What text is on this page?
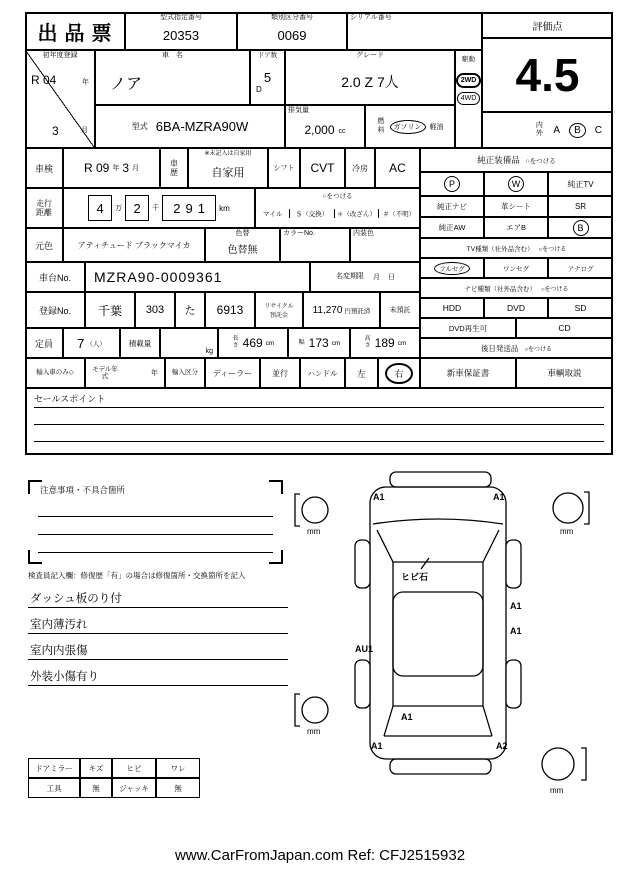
出品票
型式指定番号
20353
類別区分番号
0069
シリアル番号
評価点
4.5
内外 A	B	C
初年度登録
R 04	年
3	月
車　名
ノア
ドア数
5
D
グレード
2.0 Z 7人
駆動
2WD
4WD
型式 6BA-MZRA90W
排気量
2,000 cc
燃料	ガソリン	軽油
車検	R 09 年 3 月
車歴
※未記入は自家用
自家用	シフト	CVT	冷房	AC
走行距離	4	万 2	千	291	km
○をつける
マイル	＄（交換）	＊（改ざん）	＃（不明）
元色	アティチュード ブラックマイカ
色替
色替無
カラーNo.	内装色
車台No.	MZRA90-0009361	名変期限 月 日
登録No.	千葉	303	た	6913	リサイクル
預託金
11,270 円預託済	未預託
定員	7 （人）	積載量
kg
長さ 469 cm	幅 173 cm
高さ 189 cm
輸入車のみ◇
モデル年式	年 輸入区分	ディーラー	並行	ハンドル	左	右
セールスポイント
純正装備品 ○をつける
P	W	純正TV
純正ナビ	革シート	SR
純正AW	エアB	B
TV種類（社外品含む） ○をつける
フルセグ	ワンセグ	アナログ
ナビ種類（社外品含む） ○をつける
HDD	DVD	SD
DVD再生可	CD
後日発送品 ○をつける
新車保証書	車輌取説
注意事項・不具合箇所
検査員記入欄：修復歴「有」の場合は修復箇所・交換箇所を記入
ダッシュ板のり付
室内薄汚れ
室内内張傷
外装小傷有り
mm	mm
mm
mm
A1	A1
ヒビ石
A1
A1
AU1
A1
A1	A2
ドアミラー	キズ	ヒビ	ワレ
工具	無	ジャッキ	無
www.CarFromJapan.com Ref: CFJ2515932
